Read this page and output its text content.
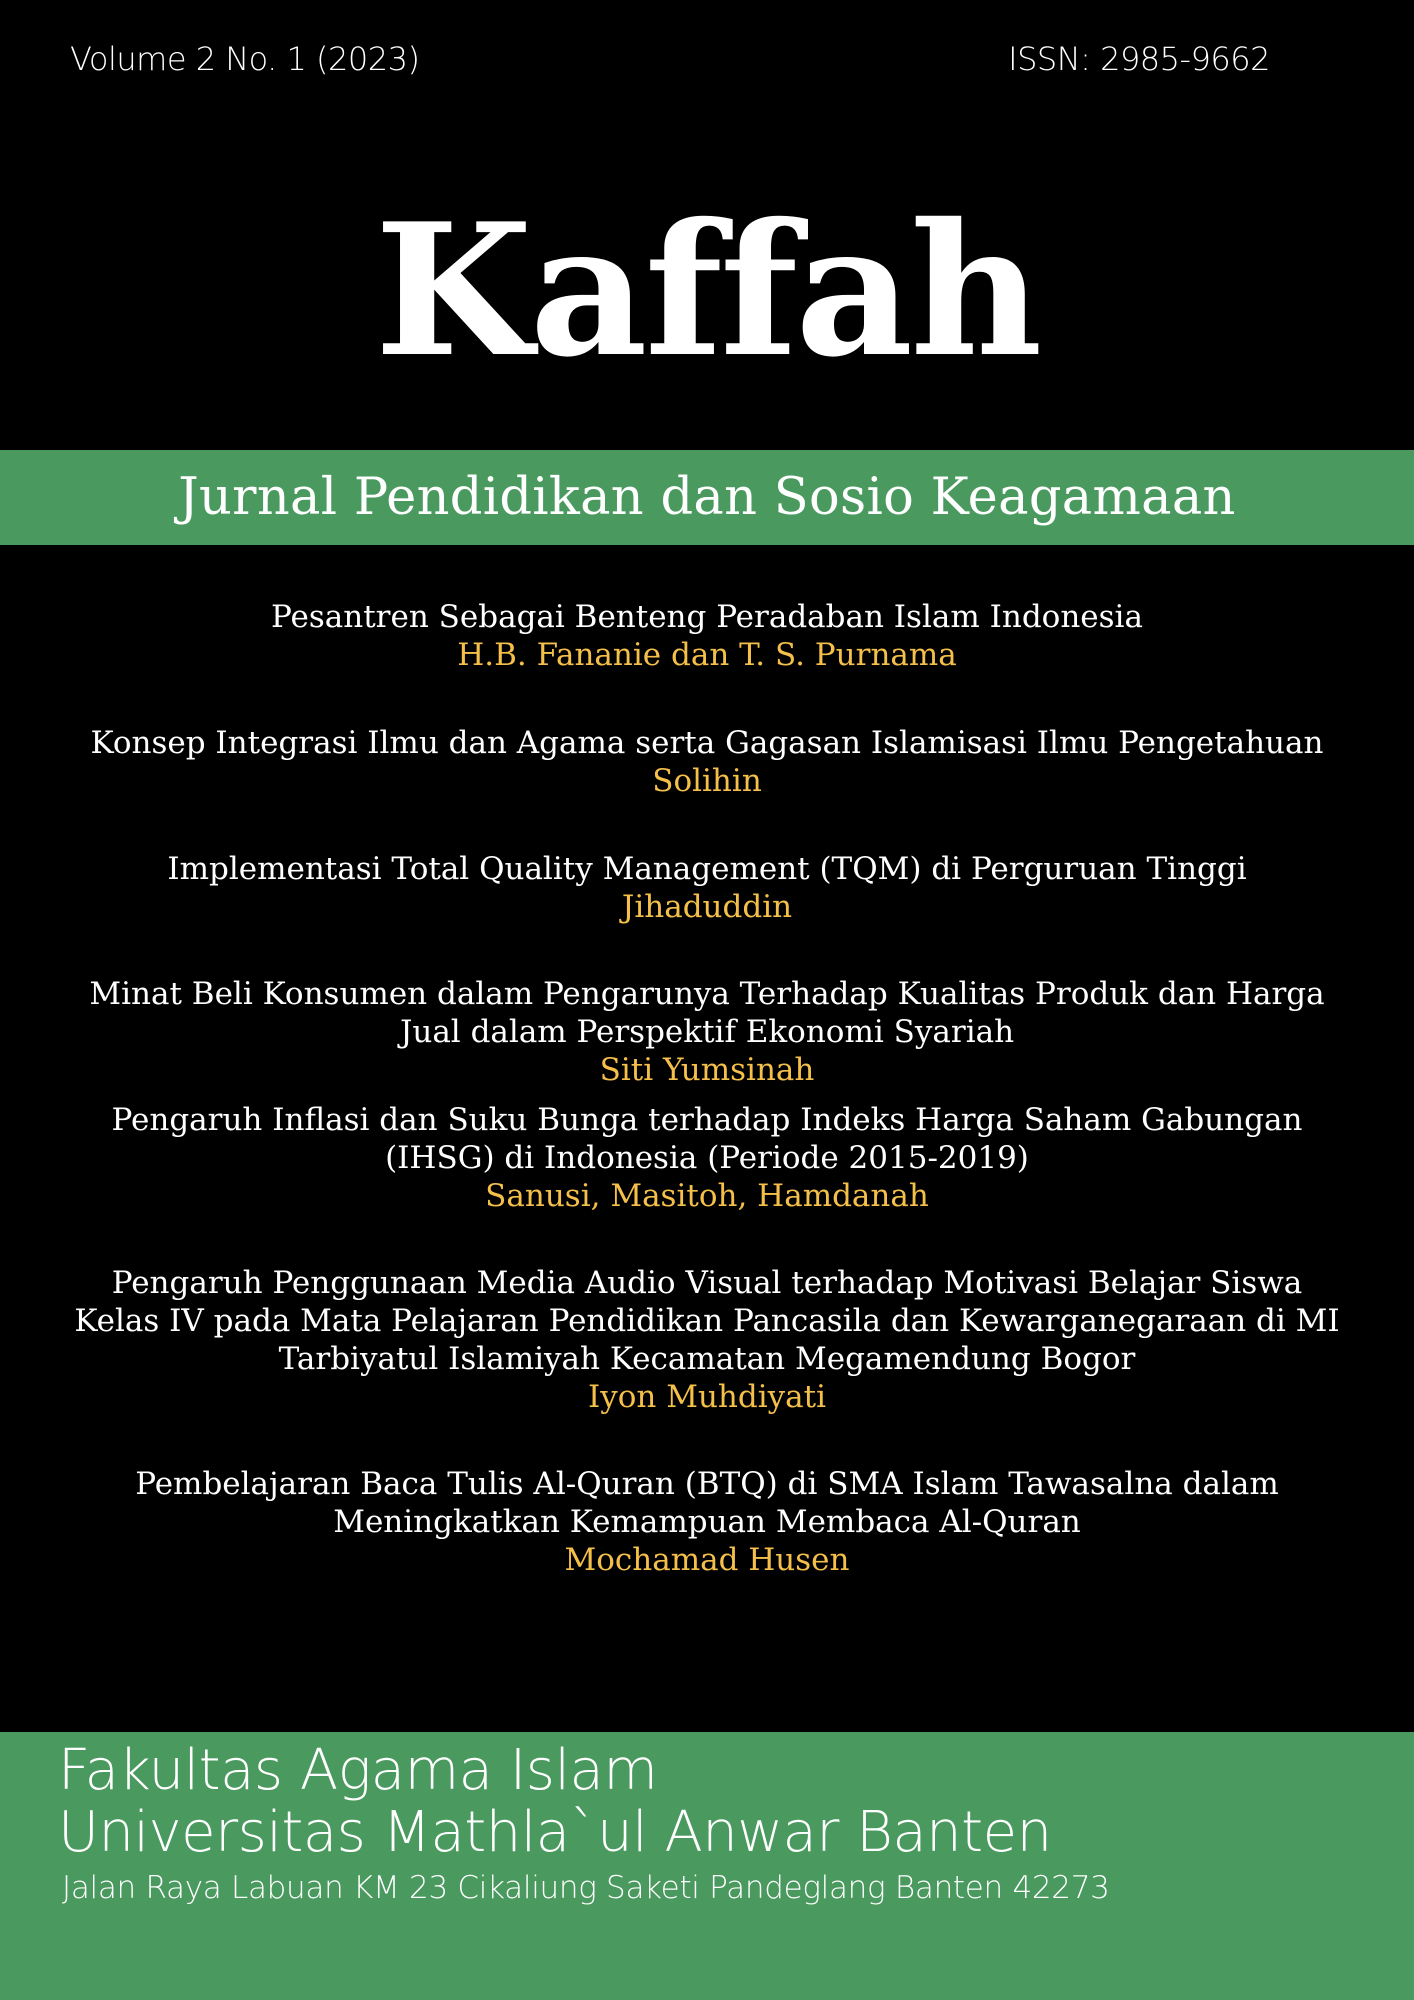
Volume 2 No. 1 (2023)	ISSN: 2985-9662
Kaffah
Jurnal Pendidikan dan Sosio Keagamaan
Pesantren Sebagai Benteng Peradaban Islam Indonesia
H.B. Fananie dan T. S. Purnama
Konsep Integrasi Ilmu dan Agama serta Gagasan Islamisasi Ilmu Pengetahuan
Solihin
Implementasi Total Quality Management (TQM) di Perguruan Tinggi
Jihaduddin
Minat Beli Konsumen dalam Pengarunya Terhadap Kualitas Produk dan Harga
Jual dalam Perspektif Ekonomi Syariah
Siti Yumsinah
Pengaruh Inflasi dan Suku Bunga terhadap Indeks Harga Saham Gabungan
(IHSG) di Indonesia (Periode 2015-2019)
Sanusi, Masitoh, Hamdanah
Pengaruh Penggunaan Media Audio Visual terhadap Motivasi Belajar Siswa
Kelas IV pada Mata Pelajaran Pendidikan Pancasila dan Kewarganegaraan di MI
Tarbiyatul Islamiyah Kecamatan Megamendung Bogor
Iyon Muhdiyati
Pembelajaran Baca Tulis Al-Quran (BTQ) di SMA Islam Tawasalna dalam
Meningkatkan Kemampuan Membaca Al-Quran
Mochamad Husen
Fakultas Agama Islam
Universitas Mathla`ul Anwar Banten
Jalan Raya Labuan KM 23 Cikaliung Saketi Pandeglang Banten 42273
